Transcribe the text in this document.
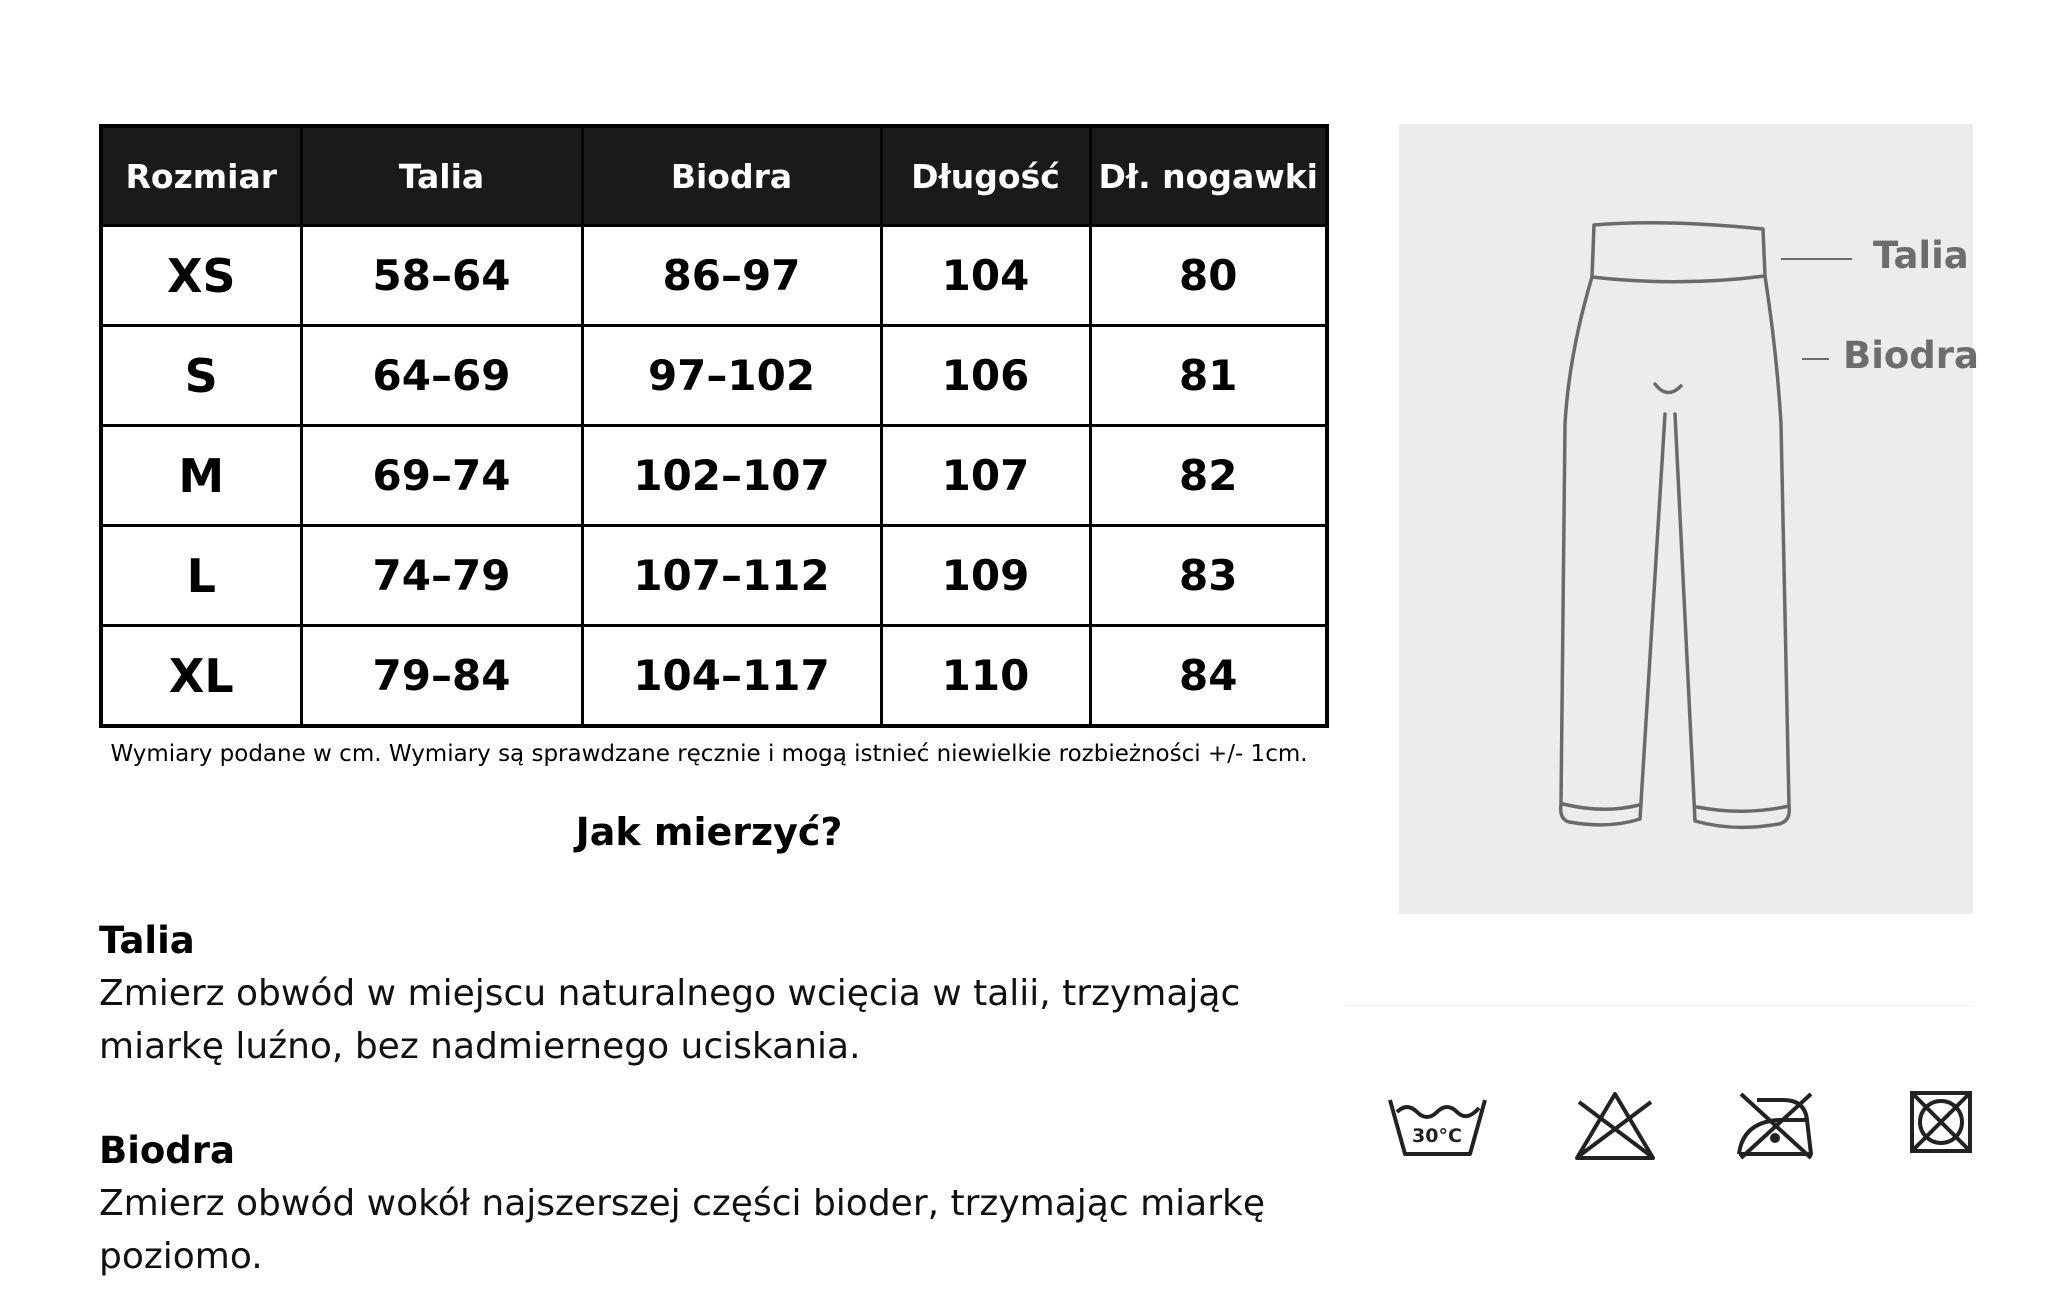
Rozmiar	Talia	Biodra	Długość	Dł. nogawki
XS	58–64	86–97	104	80
S	64–69	97–102	106	81
M	69–74	102–107	107	82
L	74–79	107–112	109	83
XL	79–84	104–117	110	84
Wymiary podane w cm. Wymiary są sprawdzane ręcznie i mogą istnieć niewielkie rozbieżności +/- 1cm.
Jak mierzyć?
Talia

Zmierz obwód w miejscu naturalnego wcięcia w talii, trzymając

miarkę luźno, bez nadmiernego uciskania.

Biodra

Zmierz obwód wokół najszerszej części bioder, trzymając miarkę

poziomo.

Talia
Biodra
30°C
